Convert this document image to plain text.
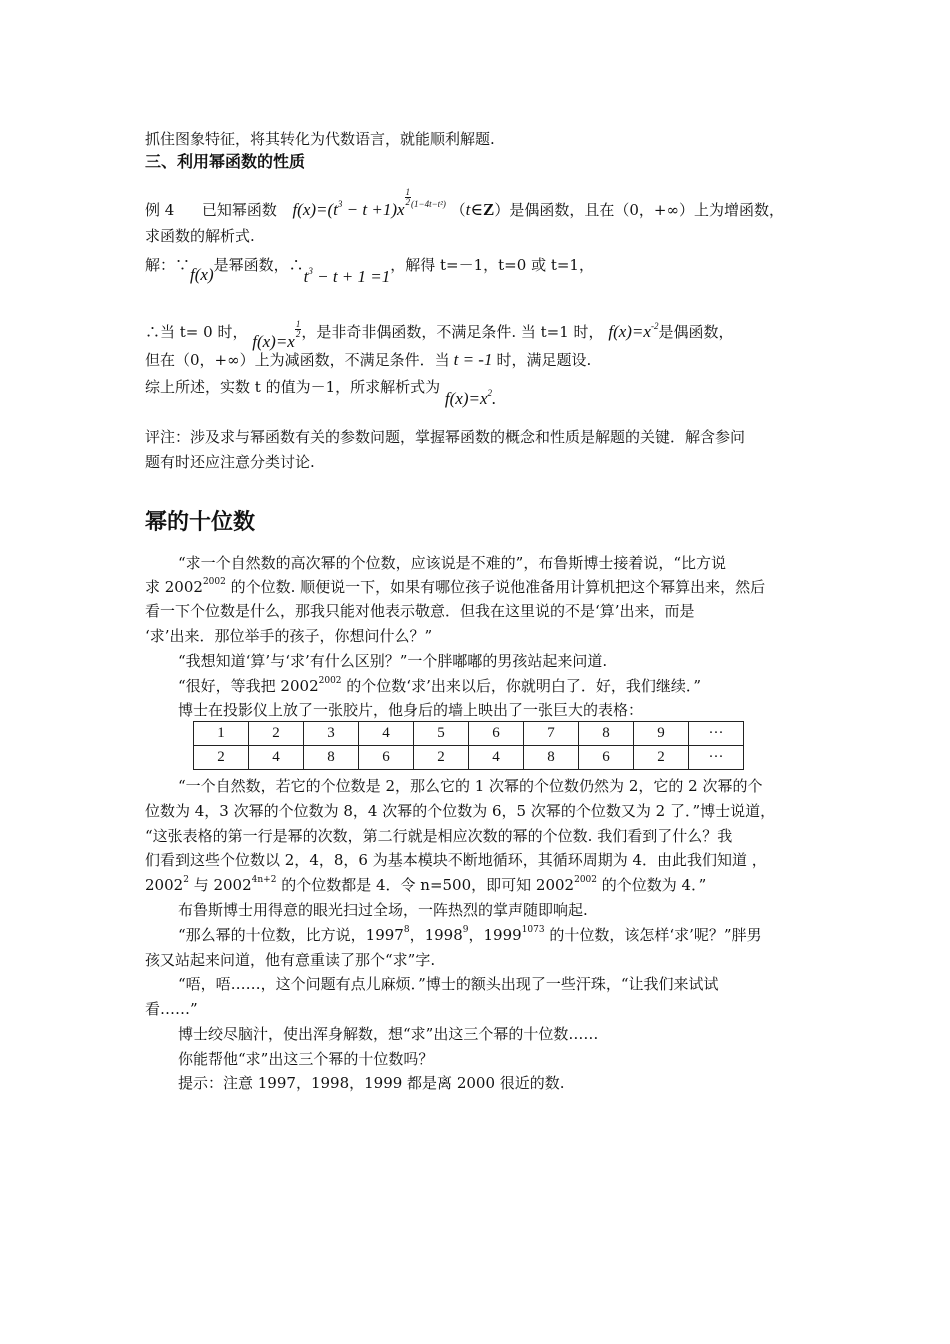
抓住图象特征，将其转化为代数语言，就能顺利解题.
三、利用幂函数的性质
例 4 已知幂函数 $f(x)=(t^3 - t +1)x$
$\frac{1}{2} ^{(1-4t-t^2)}$ （t∈Z）是偶函数，且在（0，+∞）上为增函数，
求函数的解析式.
解：∵f(x)是幂函数，$\therefore t^3 - t + 1 =1$，解得 t=－1，t=0 或 t=1，
∴当 t= 0 时， f(x)=x
$\frac{1}{2}$ ，是非奇非偶函数，不满足条件. 当 t=1 时， $f(x)=x^{-2}$是偶函数，
但在（0，+∞）上为减函数，不满足条件．当 t = -1 时，满足题设.
综上所述，实数 t 的值为－1，所求解析式为 $f(x)=x^2$.
评注：涉及求与幂函数有关的参数问题，掌握幂函数的概念和性质是解题的关键．解含参问
题有时还应注意分类讨论.
幂的十位数
“求一个自然数的高次幂的个位数，应该说是不难的”，布鲁斯博士接着说，“比方说
求 $2002^{2002}$ 的个位数. 顺便说一下，如果有哪位孩子说他准备用计算机把这个幂算出来，然后
看一下个位数是什么，那我只能对他表示敬意．但我在这里说的不是‘算’出来，而是
‘求’出来．那位举手的孩子，你想问什么？”
“我想知道‘算’与‘求’有什么区别？”一个胖嘟嘟的男孩站起来问道.
“很好，等我把 $2002^{2002}$ 的个位数‘求’出来以后，你就明白了．好，我们继续．”
博士在投影仪上放了一张胶片，他身后的墙上映出了一张巨大的表格：
1	2	3	4	5	6	7	8	9	···
2	4	8	6	2	4	8	6	2	···
“一个自然数，若它的个位数是 2，那么它的 1 次幂的个位数仍然为 2，它的 2 次幂的个
位数为 4，3 次幂的个位数为 8，4 次幂的个位数为 6，5 次幂的个位数又为 2 了．”博士说道，
“这张表格的第一行是幂的次数，第二行就是相应次数的幂的个位数. 我们看到了什么？我
们看到这些个位数以 2，4，8，6 为基本模块不断地循环，其循环周期为 4．由此我们知道 ，
2002$^2$ 与 $2002^{4n+2}$ 的个位数都是 4．令 n=500，即可知 $2002^{2002}$ 的个位数为 4．”
布鲁斯博士用得意的眼光扫过全场，一阵热烈的掌声随即响起.
“那么幂的十位数，比方说，1997$^8$，1998$^9$，$1999^{1073}$ 的十位数，该怎样‘求’呢？”胖男
孩又站起来问道，他有意重读了那个“求”字.
“唔，唔……，这个问题有点儿麻烦．”博士的额头出现了一些汗珠，“让我们来试试
看……”
博士绞尽脑汁，使出浑身解数，想“求”出这三个幂的十位数……
你能帮他“求”出这三个幂的十位数吗？
提示：注意 1997，1998，1999 都是离 2000 很近的数.
